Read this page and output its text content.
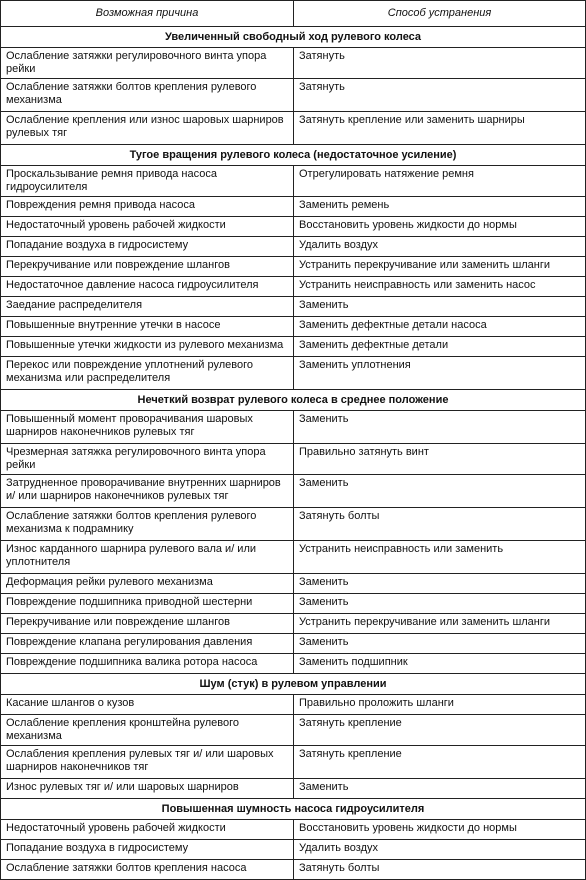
Возможная причина	Способ устранения
Увеличенный свободный ход рулевого колеса	
Ослабление затяжки регулировочного винта упора рейки	Затянуть
Ослабление затяжки болтов крепления рулевого механизма	Затянуть
Ослабление крепления или износ шаровых шарниров рулевых тяг	Затянуть крепление или заменить шарниры
Тугое вращения рулевого колеса (недостаточное усиление)	
Проскальзывание ремня привода насоса гидроусилителя	Отрегулировать натяжение ремня
Повреждения ремня привода насоса	Заменить ремень
Недостаточный уровень рабочей жидкости	Восстановить уровень жидкости до нормы
Попадание воздуха в гидросистему	Удалить воздух
Перекручивание или повреждение шлангов	Устранить перекручивание или заменить шланги
Недостаточное давление насоса гидроусилителя	Устранить неисправность или заменить насос
Заедание распределителя	Заменить
Повышенные внутренние утечки в насосе	Заменить дефектные детали насоса
Повышенные утечки жидкости из рулевого механизма	Заменить дефектные детали
Перекос или повреждение уплотнений рулевого механизма или распределителя	Заменить уплотнения
Нечеткий возврат рулевого колеса в среднее положение	
Повышенный момент проворачивания шаровых шарниров наконечников рулевых тяг	Заменить
Чрезмерная затяжка регулировочного винта упора рейки	Правильно затянуть винт
Затрудненное проворачивание внутренних шарниров и/ или шарниров наконечников рулевых тяг	Заменить
Ослабление затяжки болтов крепления рулевого механизма к подрамнику	Затянуть болты
Износ карданного шарнира рулевого вала и/ или уплотнителя	Устранить неисправность или заменить
Деформация рейки рулевого механизма	Заменить
Повреждение подшипника приводной шестерни	Заменить
Перекручивание или повреждение шлангов	Устранить перекручивание или заменить шланги
Повреждение клапана регулирования давления	Заменить
Повреждение подшипника валика ротора насоса	Заменить подшипник
Шум (стук) в рулевом управлении	
Касание шлангов о кузов	Правильно проложить шланги
Ослабление крепления кронштейна рулевого механизма	Затянуть крепление
Ослабления крепления рулевых тяг и/ или шаровых шарниров наконечников тяг	Затянуть крепление
Износ рулевых тяг и/ или шаровых шарниров	Заменить
Повышенная шумность насоса гидроусилителя	
Недостаточный уровень рабочей жидкости	Восстановить уровень жидкости до нормы
Попадание воздуха в гидросистему	Удалить воздух
Ослабление затяжки болтов крепления насоса	Затянуть болты
